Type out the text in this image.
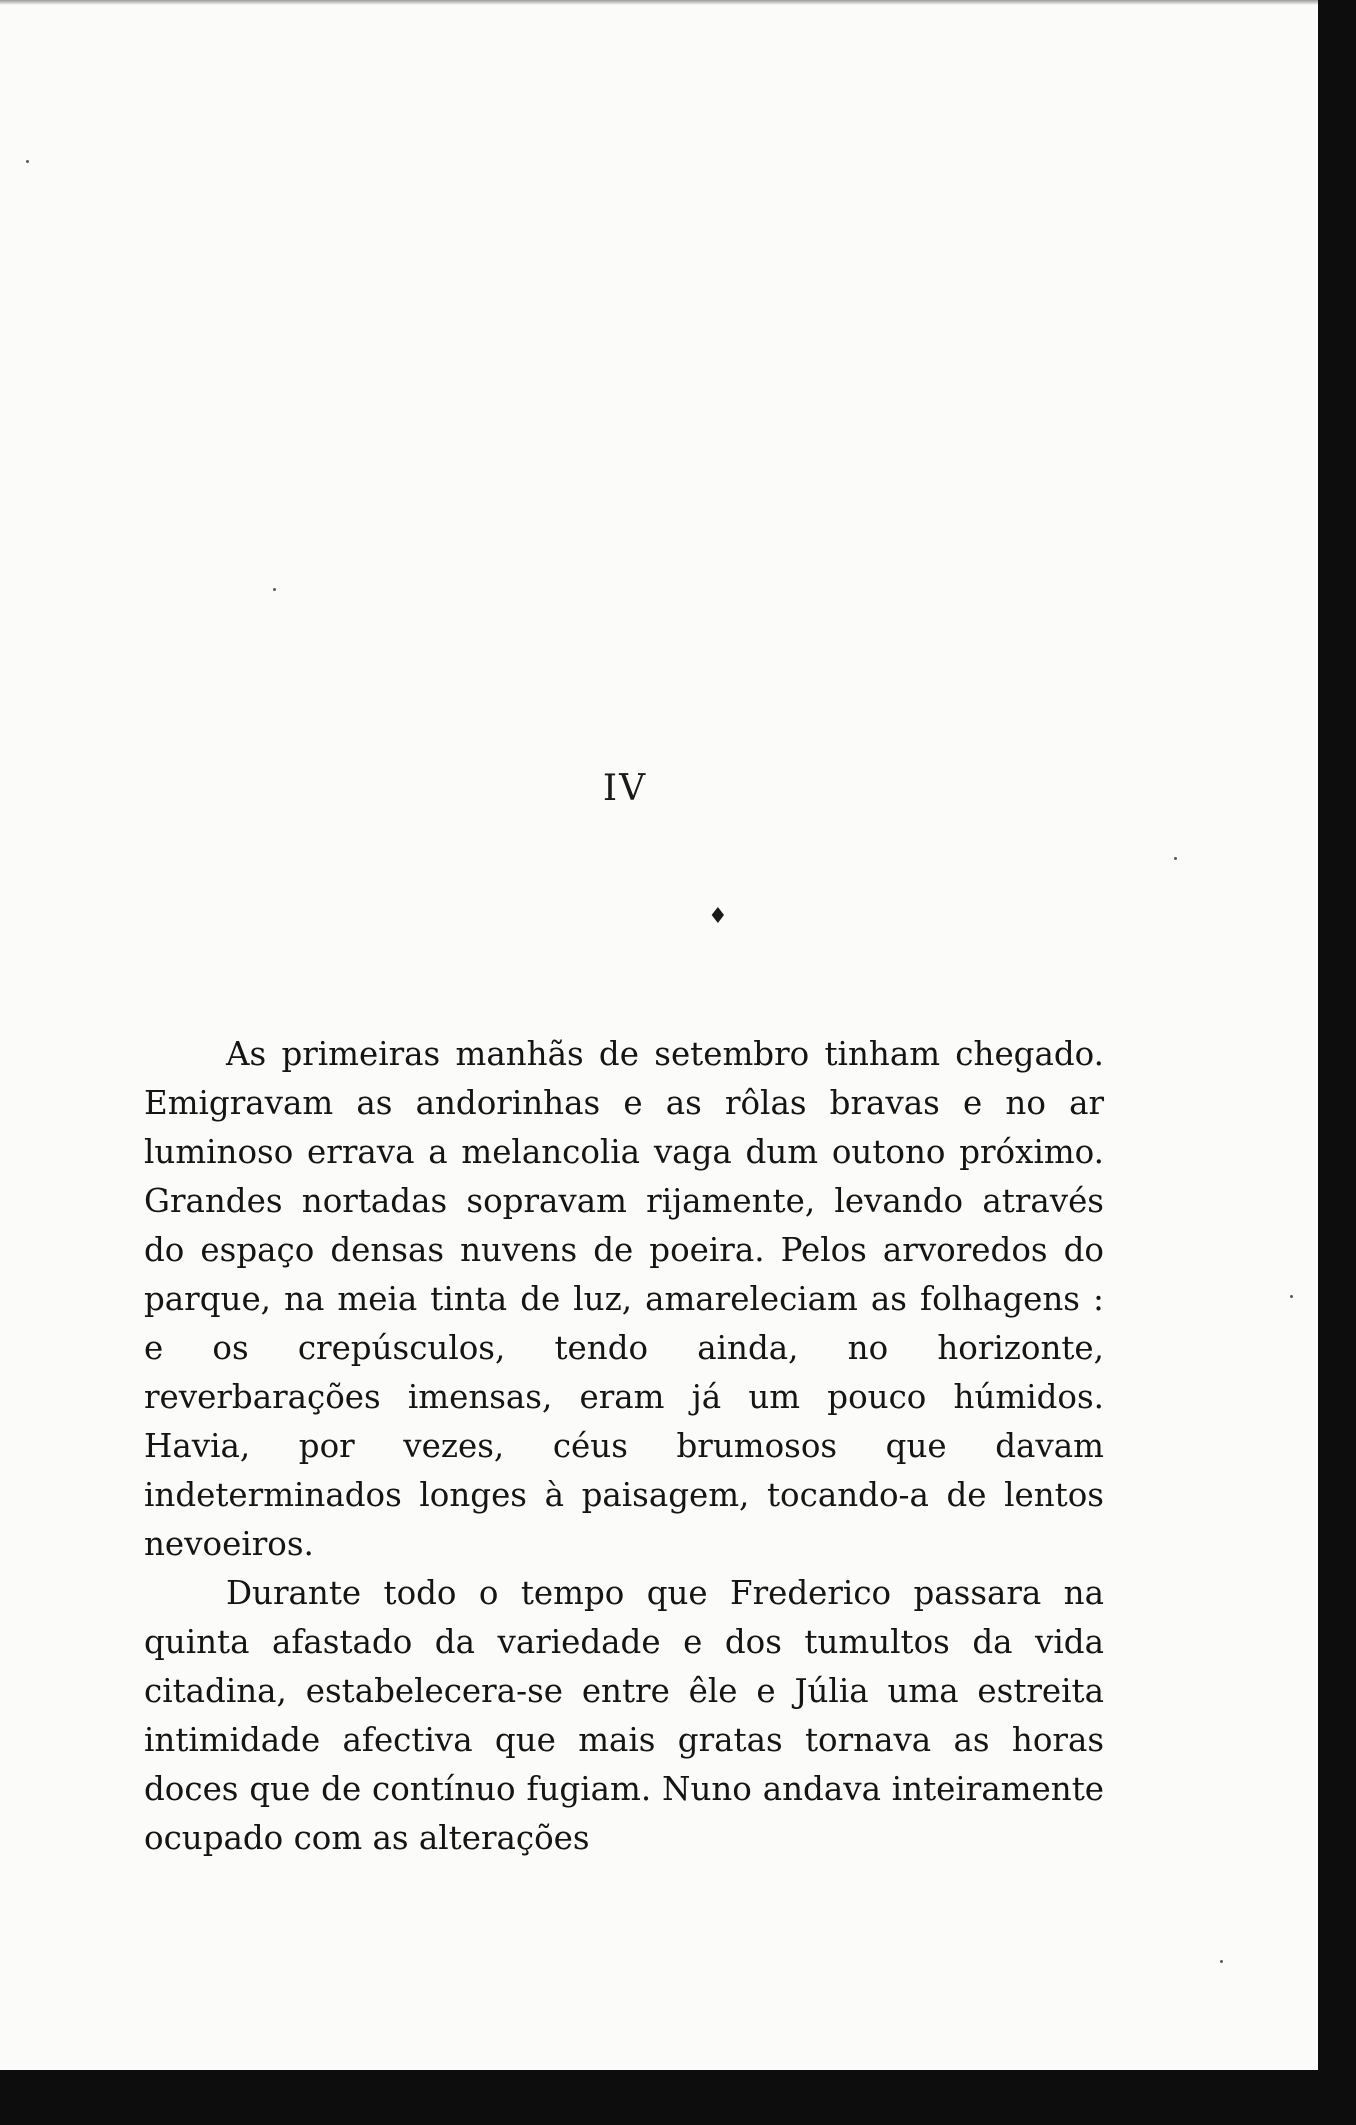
IV
♦

As primeiras manhãs de setembro tinham chegado. Emigravam as andorinhas e as rôlas bravas e no ar luminoso errava a melancolia vaga dum outono próximo. Grandes nortadas sopravam rijamente, levando através do espaço densas nuvens de poeira. Pelos arvoredos do parque, na meia tinta de luz, amareleciam as folhagens : e os crepúsculos, tendo ainda, no horizonte, reverbarações imensas, eram já um pouco húmidos. Havia, por vezes, céus brumosos que davam indeterminados longes à paisagem, tocando-a de lentos nevoeiros.

Durante todo o tempo que Frederico passara na quinta afastado da variedade e dos tumultos da vida citadina, estabelecera-se entre êle e Júlia uma estreita intimidade afectiva que mais gratas tornava as horas doces que de contínuo fugiam. Nuno andava inteiramente ocupado com as alterações
